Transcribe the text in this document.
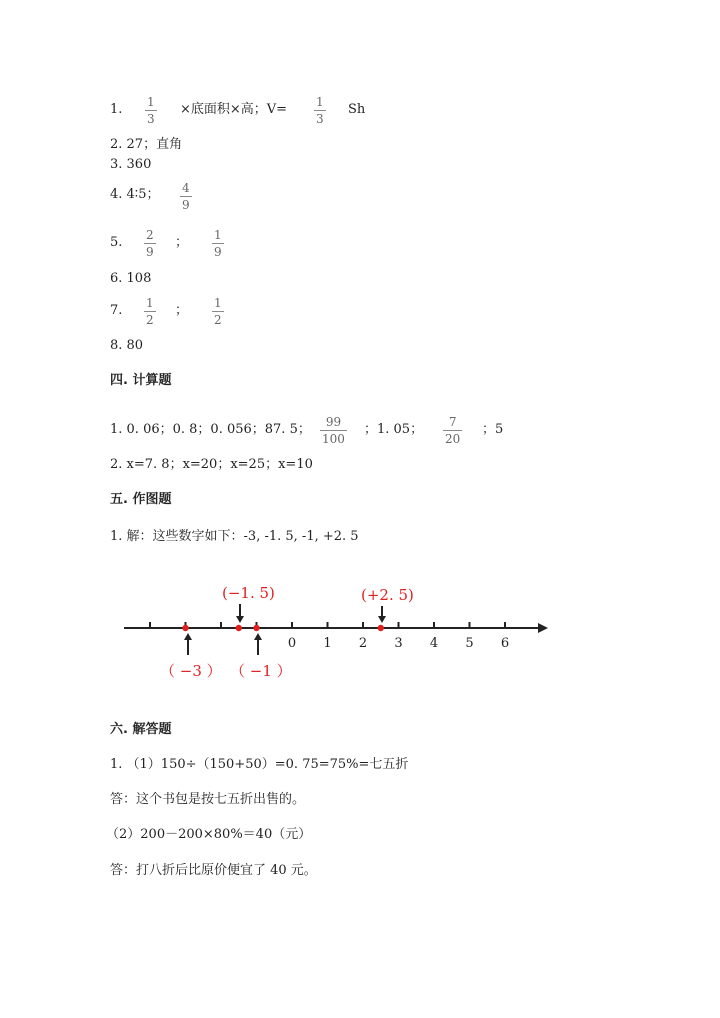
1. $\frac{1}{3}$ ×底面积×高；$V= \frac{1}{3}$ Sh
2. 27；直角
3. 360
4. 4∶5； $\frac{4}{9}$
5. $\frac{2}{9}$ ； $\frac{1}{9}$
6. 108
7. $\frac{1}{2}$ ； $\frac{1}{2}$
8. 80
四. 计算题
1. 0. 06；0. 8；0. 056；87. 5； $\frac{99}{100}$ ；1. 05； $\frac{7}{20}$ ；5
2. x=7. 8；x=20；x=25；x=10
五. 作图题
1. 解：这些数字如下：-3, -1. 5, -1, +2. 5
0 1 2 3 4 5 6
(−1. 5)	(+2. 5)
（ −3 ） （ −1 ）
六. 解答题
1. （1）150÷（150+50）=0. 75=75%=七五折
答：这个书包是按七五折出售的。
（2）200－200×80%＝40（元）
答：打八折后比原价便宜了 40 元。
